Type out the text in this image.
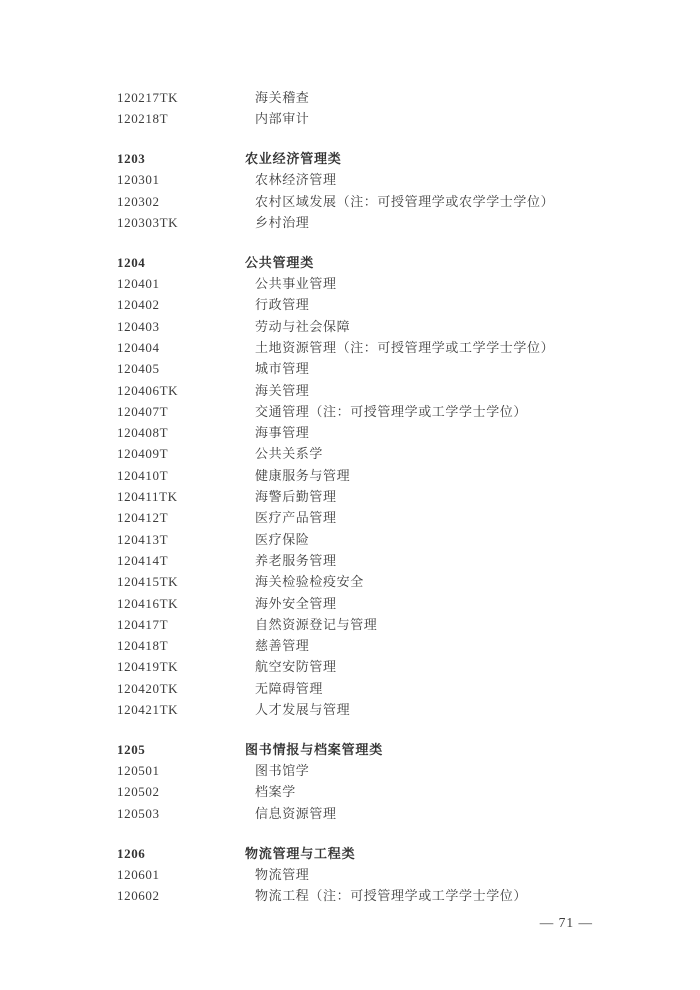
120217TK	海关稽查
120218T	内部审计
1203	农业经济管理类
120301	农林经济管理
120302	农村区域发展（注：可授管理学或农学学士学位）
120303TK	乡村治理
1204	公共管理类
120401	公共事业管理
120402	行政管理
120403	劳动与社会保障
120404	土地资源管理（注：可授管理学或工学学士学位）
120405	城市管理
120406TK	海关管理
120407T	交通管理（注：可授管理学或工学学士学位）
120408T	海事管理
120409T	公共关系学
120410T	健康服务与管理
120411TK	海警后勤管理
120412T	医疗产品管理
120413T	医疗保险
120414T	养老服务管理
120415TK	海关检验检疫安全
120416TK	海外安全管理
120417T	自然资源登记与管理
120418T	慈善管理
120419TK	航空安防管理
120420TK	无障碍管理
120421TK	人才发展与管理
1205	图书情报与档案管理类
120501	图书馆学
120502	档案学
120503	信息资源管理
1206	物流管理与工程类
120601	物流管理
120602	物流工程（注：可授管理学或工学学士学位）
— 71 —
